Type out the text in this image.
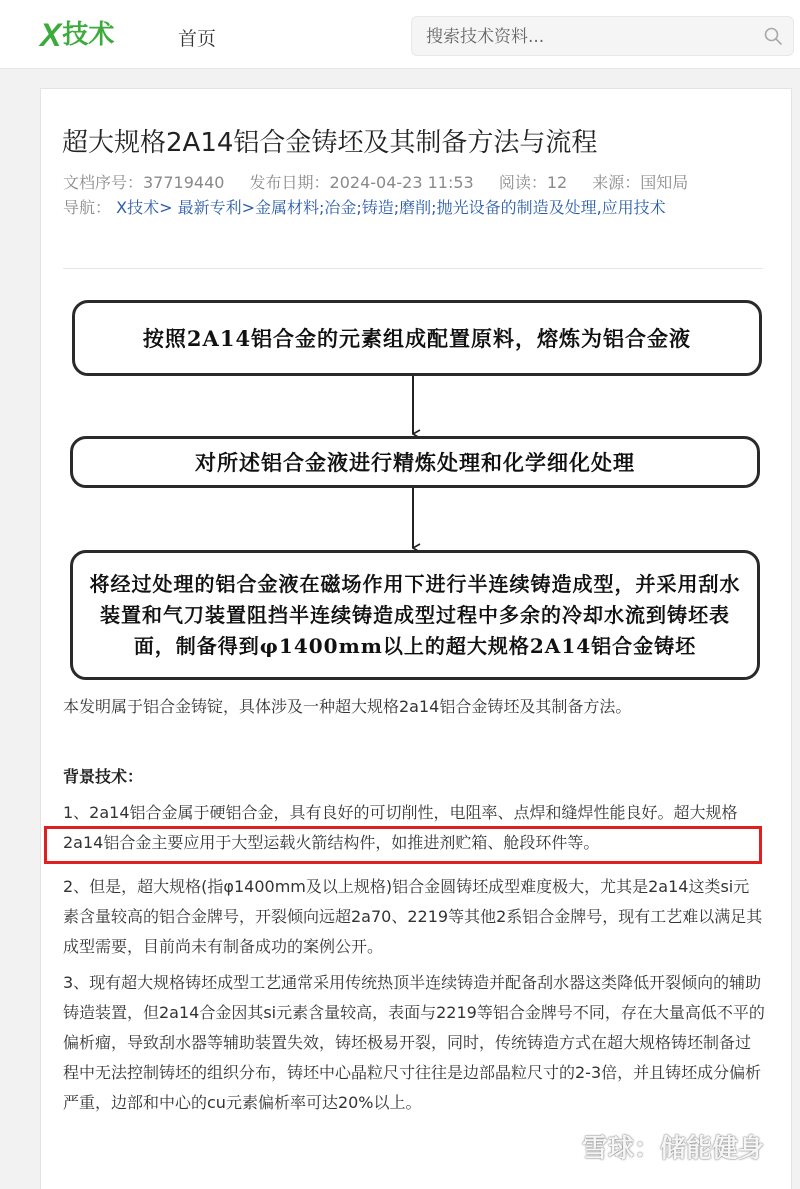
X 技术	首页
搜索技术资料...
超大规格2A14铝合金铸坯及其制备方法与流程
文档序号：37719440 发布日期：2024-04-23 11:53 阅读：12 来源：国知局
导航： X技术> 最新专利>金属材料;冶金;铸造;磨削;抛光设备的制造及处理,应用技术
按照2A14铝合金的元素组成配置原料，熔炼为铝合金液
对所述铝合金液进行精炼处理和化学细化处理
将经过处理的铝合金液在磁场作用下进行半连续铸造成型，并采用刮水装置和气刀装置阻挡半连续铸造成型过程中多余的冷却水流到铸坯表面，制备得到φ1400mm以上的超大规格2A14铝合金铸坯

本发明属于铝合金铸锭，具体涉及一种超大规格2a14铝合金铸坯及其制备方法。

背景技术：

1、2a14铝合金属于硬铝合金，具有良好的可切削性，电阻率、点焊和缝焊性能良好。超大规格2a14铝合金主要应用于大型运载火箭结构件，如推进剂贮箱、舱段环件等。

2、但是，超大规格(指φ1400mm及以上规格)铝合金圆铸坯成型难度极大，尤其是2a14这类si元素含量较高的铝合金牌号，开裂倾向远超2a70、2219等其他2系铝合金牌号，现有工艺难以满足其成型需要，目前尚未有制备成功的案例公开。

3、现有超大规格铸坯成型工艺通常采用传统热顶半连续铸造并配备刮水器这类降低开裂倾向的辅助铸造装置，但2a14合金因其si元素含量较高，表面与2219等铝合金牌号不同，存在大量高低不平的偏析瘤，导致刮水器等辅助装置失效，铸坯极易开裂，同时，传统铸造方式在超大规格铸坯制备过程中无法控制铸坯的组织分布，铸坯中心晶粒尺寸往往是边部晶粒尺寸的2-3倍，并且铸坯成分偏析严重，边部和中心的cu元素偏析率可达20%以上。

雪球：储能健身
